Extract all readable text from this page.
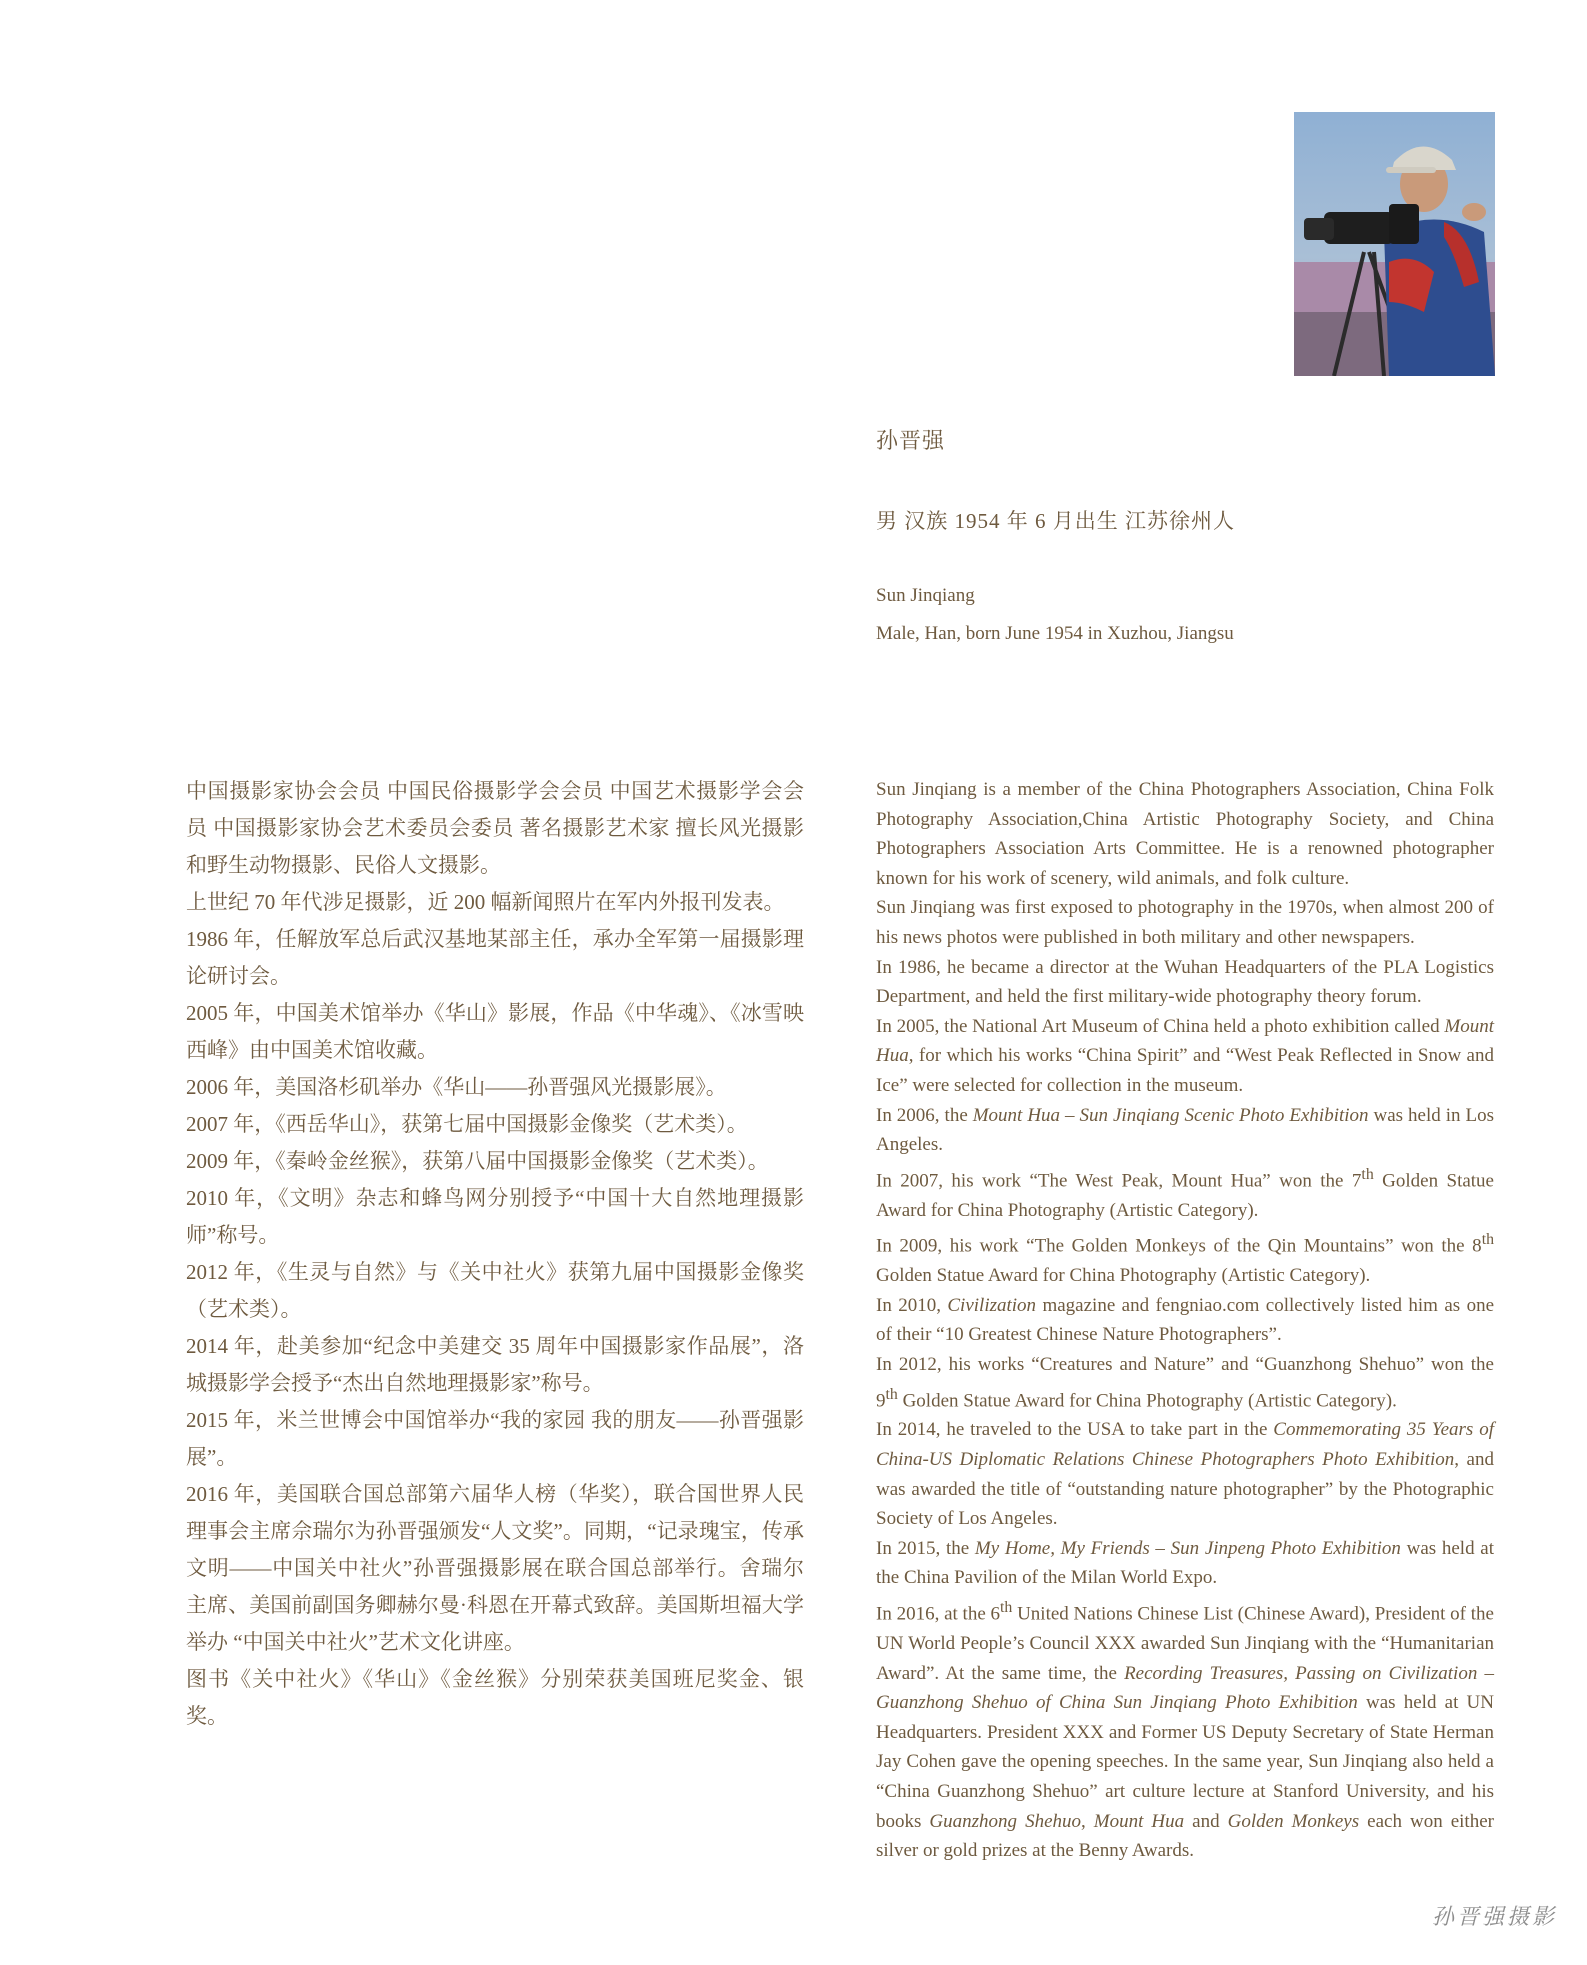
孙晋强
男 汉族 1954 年 6 月出生 江苏徐州人
Sun Jinqiang
Male, Han, born June 1954 in Xuzhou, Jiangsu

中国摄影家协会会员 中国民俗摄影学会会员 中国艺术摄影学会会员 中国摄影家协会艺术委员会委员 著名摄影艺术家 擅长风光摄影和野生动物摄影、民俗人文摄影。

上世纪 70 年代涉足摄影，近 200 幅新闻照片在军内外报刊发表。

1986 年，任解放军总后武汉基地某部主任，承办全军第一届摄影理论研讨会。

2005 年，中国美术馆举办《华山》影展，作品《中华魂》、《冰雪映西峰》由中国美术馆收藏。

2006 年，美国洛杉矶举办《华山——孙晋强风光摄影展》。

2007 年，《西岳华山》，获第七届中国摄影金像奖（艺术类）。

2009 年，《秦岭金丝猴》，获第八届中国摄影金像奖（艺术类）。

2010 年，《文明》杂志和蜂鸟网分别授予“中国十大自然地理摄影师”称号。

2012 年，《生灵与自然》与《关中社火》获第九届中国摄影金像奖（艺术类）。

2014 年，赴美参加“纪念中美建交 35 周年中国摄影家作品展”，洛城摄影学会授予“杰出自然地理摄影家”称号。

2015 年，米兰世博会中国馆举办“我的家园 我的朋友——孙晋强影展”。

2016 年，美国联合国总部第六届华人榜（华奖），联合国世界人民理事会主席佘瑞尔为孙晋强颁发“人文奖”。同期，“记录瑰宝，传承文明——中国关中社火”孙晋强摄影展在联合国总部举行。舍瑞尔主席、美国前副国务卿赫尔曼·科恩在开幕式致辞。美国斯坦福大学举办 “中国关中社火”艺术文化讲座。

图书《关中社火》《华山》《金丝猴》分别荣获美国班尼奖金、银奖。

Sun Jinqiang is a member of the China Photographers Association, China Folk Photography Association,China Artistic Photography Society, and China Photographers Association Arts Committee. He is a renowned photographer known for his work of scenery, wild animals, and folk culture.

Sun Jinqiang was first exposed to photography in the 1970s, when almost 200 of his news photos were published in both military and other newspapers.

In 1986, he became a director at the Wuhan Headquarters of the PLA Logistics Department, and held the first military-wide photography theory forum.

In 2005, the National Art Museum of China held a photo exhibition called Mount Hua, for which his works “China Spirit” and “West Peak Reflected in Snow and Ice” were selected for collection in the museum.

In 2006, the Mount Hua – Sun Jinqiang Scenic Photo Exhibition was held in Los Angeles.

In 2007, his work “The West Peak, Mount Hua” won the 7th Golden Statue Award for China Photography (Artistic Category).

In 2009, his work “The Golden Monkeys of the Qin Mountains” won the 8th Golden Statue Award for China Photography (Artistic Category).

In 2010, Civilization magazine and fengniao.com collectively listed him as one of their “10 Greatest Chinese Nature Photographers”.

In 2012, his works “Creatures and Nature” and “Guanzhong Shehuo” won the 9th Golden Statue Award for China Photography (Artistic Category).

In 2014, he traveled to the USA to take part in the Commemorating 35 Years of China-US Diplomatic Relations Chinese Photographers Photo Exhibition, and was awarded the title of “outstanding nature photographer” by the Photographic Society of Los Angeles.

In 2015, the My Home, My Friends – Sun Jinpeng Photo Exhibition was held at the China Pavilion of the Milan World Expo.

In 2016, at the 6th United Nations Chinese List (Chinese Award), President of the UN World People’s Council XXX awarded Sun Jinqiang with the “Humanitarian Award”. At the same time, the Recording Treasures, Passing on Civilization – Guanzhong Shehuo of China Sun Jinqiang Photo Exhibition was held at UN Headquarters. President XXX and Former US Deputy Secretary of State Herman Jay Cohen gave the opening speeches. In the same year, Sun Jinqiang also held a “China Guanzhong Shehuo” art culture lecture at Stanford University, and his books Guanzhong Shehuo, Mount Hua and Golden Monkeys each won either silver or gold prizes at the Benny Awards.

孙晋强摄影
